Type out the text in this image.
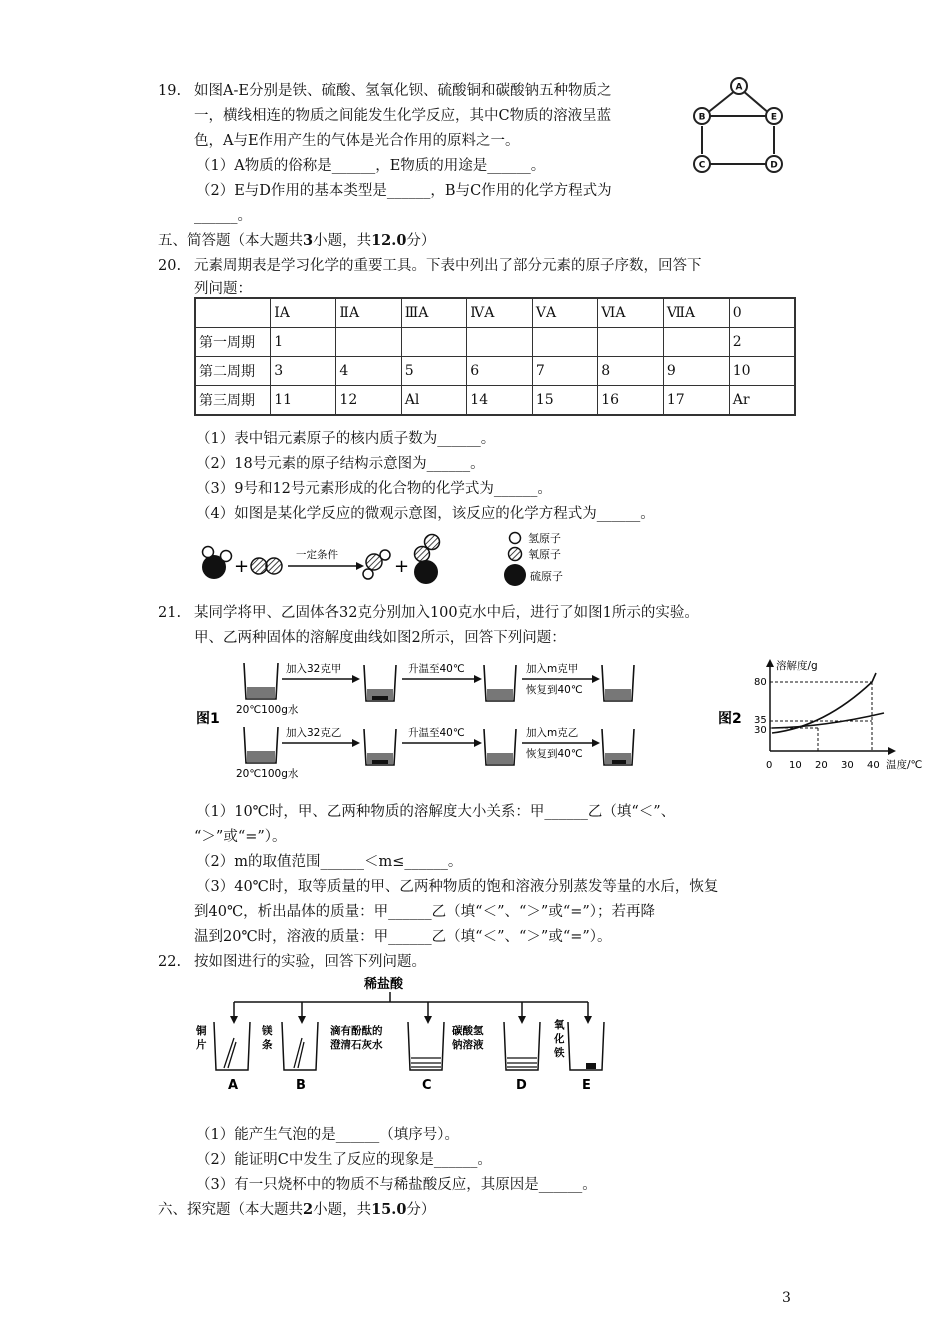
19. 如图A-E分别是铁、硫酸、氢氧化钡、硫酸铜和碳酸钠五种物质之
一，横线相连的物质之间能发生化学反应，其中C物质的溶液呈蓝
色，A与E作用产生的气体是光合作用的原料之一。
（1）A物质的俗称是______，E物质的用途是______。
（2）E与D作用的基本类型是______，B与C作用的化学方程式为
______。
A
B	E
C	D
五、简答题（本大题共3小题，共12.0分）
20. 元素周期表是学习化学的重要工具。下表中列出了部分元素的原子序数，回答下
列问题：
	ⅠA	ⅡA	ⅢA	ⅣA	ⅤA	ⅥA	ⅦA	0
第一周期	1							2
第二周期	3	4	5	6	7	8	9	10
第三周期	11	12	Al	14	15	16	17	Ar
（1）表中铝元素原子的核内质子数为______。
（2）18号元素的原子结构示意图为______。
（3）9号和12号元素形成的化合物的化学式为______。
（4）如图是某化学反应的微观示意图，该反应的化学方程式为______。
+
一定条件
+
氢原子
氧原子
硫原子
21. 某同学将甲、乙固体各32克分别加入100克水中后，进行了如图1所示的实验。
甲、乙两种固体的溶解度曲线如图2所示，回答下列问题：
图1
加入32克甲	升温至40℃	加入m克甲
恢复到40℃
加入32克乙	升温至40℃	加入m克乙
恢复到40℃
20℃100g水
20℃100g水
图2
溶解度/g
温度/℃
80
35
30
0 10 20 30 40
（1）10℃时，甲、乙两种物质的溶解度大小关系：甲______乙（填“＜”、
“＞”或“=”）。
（2）m的取值范围______＜m≤______。
（3）40℃时，取等质量的甲、乙两种物质的饱和溶液分别蒸发等量的水后，恢复
到40℃，析出晶体的质量：甲______乙（填“＜”、“＞”或“=”）；若再降
温到20℃时，溶液的质量：甲______乙（填“＜”、“＞”或“=”）。
22. 按如图进行的实验，回答下列问题。
稀盐酸
铜
片
镁
条
滴有酚酞的
澄清石灰水
碳酸氢
钠溶液
氧
化
铁
A	B	C	D	E
（1）能产生气泡的是______（填序号）。
（2）能证明C中发生了反应的现象是______。
（3）有一只烧杯中的物质不与稀盐酸反应，其原因是______。
六、探究题（本大题共2小题，共15.0分）
3
